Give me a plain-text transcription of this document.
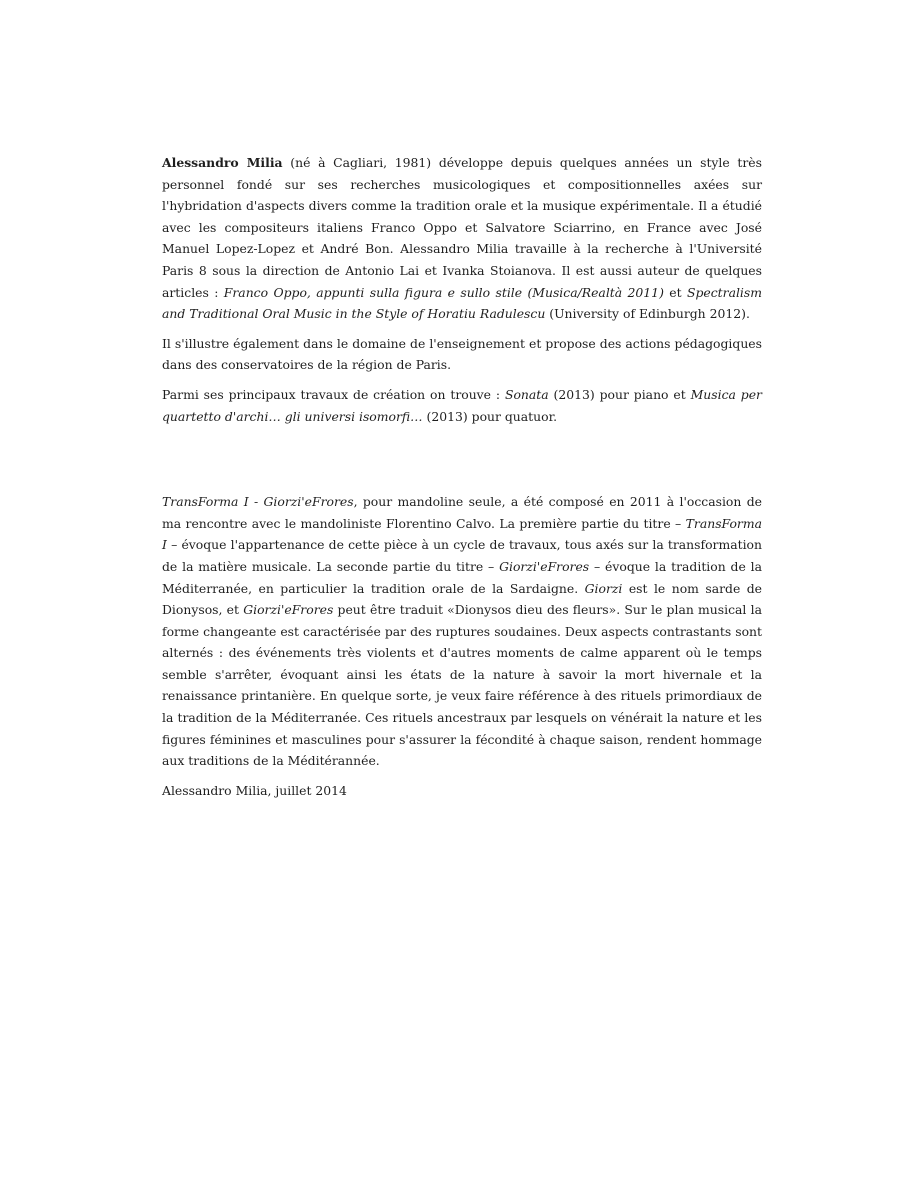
Alessandro Milia (né à Cagliari, 1981) développe depuis quelques années un style très personnel fondé sur ses recherches musicologiques et compositionnelles axées sur l'hybridation d'aspects divers comme la tradition orale et la musique expérimentale. Il a étudié avec les compositeurs italiens Franco Oppo et Salvatore Sciarrino, en France avec José Manuel Lopez-Lopez et André Bon. Alessandro Milia travaille à la recherche à l'Université Paris 8 sous la direction de Antonio Lai et Ivanka Stoianova. Il est aussi auteur de quelques articles : Franco Oppo, appunti sulla figura e sullo stile (Musica/Realtà 2011) et Spectralism and Traditional Oral Music in the Style of Horatiu Radulescu (University of Edinburgh 2012).

Il s'illustre également dans le domaine de l'enseignement et propose des actions pédagogiques dans des conservatoires de la région de Paris.

Parmi ses principaux travaux de création on trouve : Sonata (2013) pour piano et Musica per quartetto d'archi… gli universi isomorfi… (2013) pour quatuor.

TransForma I - Giorzi'eFrores, pour mandoline seule, a été composé en 2011 à l'occasion de ma rencontre avec le mandoliniste Florentino Calvo. La première partie du titre – TransForma I – évoque l'appartenance de cette pièce à un cycle de travaux, tous axés sur la transformation de la matière musicale. La seconde partie du titre – Giorzi'eFrores – évoque la tradition de la Méditerranée, en particulier la tradition orale de la Sardaigne. Giorzi est le nom sarde de Dionysos, et Giorzi'eFrores peut être traduit «Dionysos dieu des fleurs». Sur le plan musical la forme changeante est caractérisée par des ruptures soudaines. Deux aspects contrastants sont alternés : des événements très violents et d'autres moments de calme apparent où le temps semble s'arrêter, évoquant ainsi les états de la nature à savoir la mort hivernale et la renaissance printanière. En quelque sorte, je veux faire référence à des rituels primordiaux de la tradition de la Méditerranée. Ces rituels ancestraux par lesquels on vénérait la nature et les figures féminines et masculines pour s'assurer la fécondité à chaque saison, rendent hommage aux traditions de la Méditérannée.

Alessandro Milia, juillet 2014
